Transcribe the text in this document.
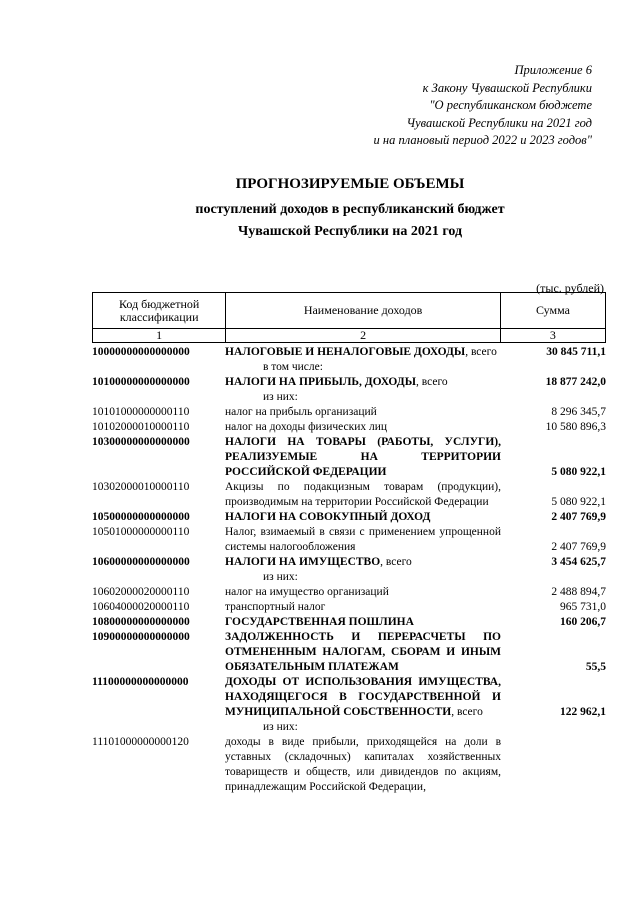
Приложение 6
к Закону Чувашской Республики
"О республиканском бюджете
Чувашской Республики на 2021 год
и на плановый период 2022 и 2023 годов"
ПРОГНОЗИРУЕМЫЕ ОБЪЕМЫ
поступлений доходов в республиканский бюджет
Чувашской Республики на 2021 год
(тыс. рублей)
Код бюджетной классификации	Наименование доходов	Сумма
1	2	3
10000000000000000	НАЛОГОВЫЕ И НЕНАЛОГОВЫЕ ДОХОДЫ, всего	30 845 711,1
в том числе:
10100000000000000	НАЛОГИ НА ПРИБЫЛЬ, ДОХОДЫ, всего	18 877 242,0
из них:
10101000000000110	налог на прибыль организаций	8 296 345,7
10102000010000110	налог на доходы физических лиц	10 580 896,3
10300000000000000	НАЛОГИ НА ТОВАРЫ (РАБОТЫ, УСЛУГИ), РЕАЛИЗУЕМЫЕ НА ТЕРРИТОРИИ РОССИЙСКОЙ ФЕДЕРАЦИИ	5 080 922,1
10302000010000110	Акцизы по подакцизным товарам (продукции), производимым на территории Российской Федерации	5 080 922,1
10500000000000000	НАЛОГИ НА СОВОКУПНЫЙ ДОХОД	2 407 769,9
10501000000000110	Налог, взимаемый в связи с применением упрощенной системы налогообложения	2 407 769,9
10600000000000000	НАЛОГИ НА ИМУЩЕСТВО, всего	3 454 625,7
из них:
10602000020000110	налог на имущество организаций	2 488 894,7
10604000020000110	транспортный налог	965 731,0
10800000000000000	ГОСУДАРСТВЕННАЯ ПОШЛИНА	160 206,7
10900000000000000	ЗАДОЛЖЕННОСТЬ И ПЕРЕРАСЧЕТЫ ПО ОТМЕНЕННЫМ НАЛОГАМ, СБОРАМ И ИНЫМ ОБЯЗАТЕЛЬНЫМ ПЛАТЕЖАМ	55,5
11100000000000000	ДОХОДЫ ОТ ИСПОЛЬЗОВАНИЯ ИМУЩЕСТВА, НАХОДЯЩЕГОСЯ В ГОСУДАРСТВЕННОЙ И МУНИЦИПАЛЬНОЙ СОБСТВЕННОСТИ, всего	122 962,1
из них:
11101000000000120	доходы в виде прибыли, приходящейся на доли в уставных (складочных) капиталах хозяйственных товариществ и обществ, или дивидендов по акциям, принадлежащим Российской Федерации,
